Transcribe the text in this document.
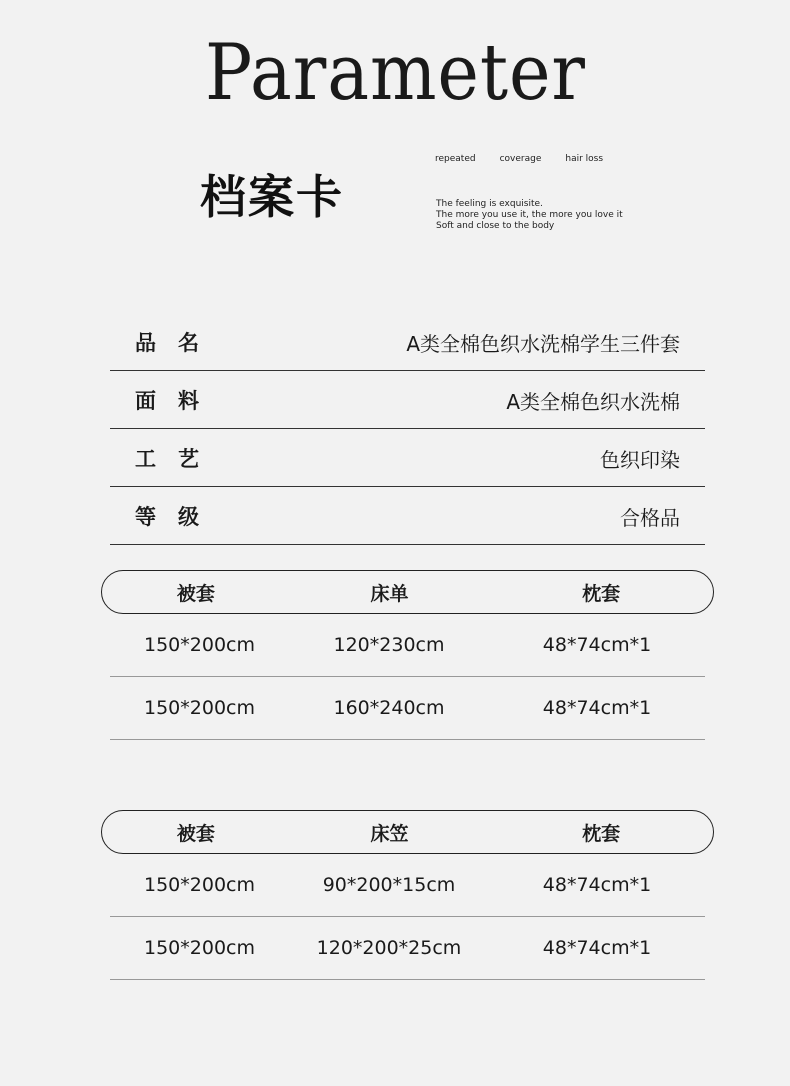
Parameter
档案卡
repeated	coverage	hair loss
The feeling is exquisite.
The more you use it, the more you love it
Soft and close to the body
品名	A类全棉色织水洗棉学生三件套
面料	A类全棉色织水洗棉
工艺	色织印染
等级	合格品
被套	床单	枕套
150*200cm	120*230cm	48*74cm*1
150*200cm	160*240cm	48*74cm*1
被套	床笠	枕套
150*200cm	90*200*15cm	48*74cm*1
150*200cm	120*200*25cm	48*74cm*1
